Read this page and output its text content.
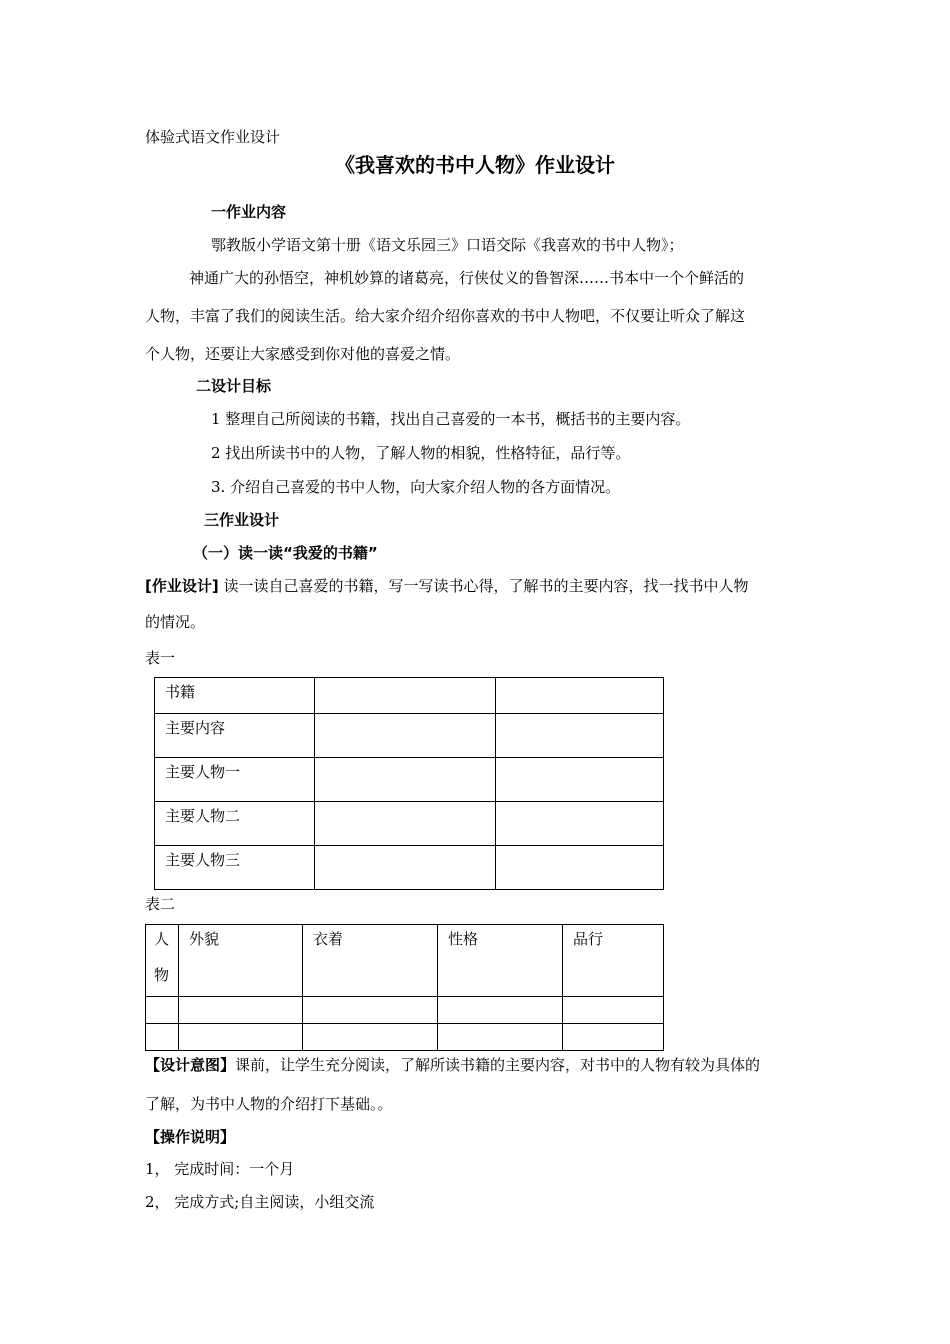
体验式语文作业设计
《我喜欢的书中人物》作业设计
一作业内容
鄂教版小学语文第十册《语文乐园三》口语交际《我喜欢的书中人物》；
神通广大的孙悟空，神机妙算的诸葛亮，行侠仗义的鲁智深……书本中一个个鲜活的
人物，丰富了我们的阅读生活。给大家介绍介绍你喜欢的书中人物吧，不仅要让听众了解这
个人物，还要让大家感受到你对他的喜爱之情。
二设计目标
1 整理自己所阅读的书籍，找出自己喜爱的一本书，概括书的主要内容。
2 找出所读书中的人物，了解人物的相貌，性格特征，品行等。
3. 介绍自己喜爱的书中人物，向大家介绍人物的各方面情况。
三作业设计
（一）读一读“我爱的书籍”
[作业设计] 读一读自己喜爱的书籍，写一写读书心得，了解书的主要内容，找一找书中人物
的情况。
表一
书籍		

主要内容		

主要人物一		

主要人物二		

主要人物三		

表二
人物	外貌	衣着	性格	品行

【设计意图】课前，让学生充分阅读，了解所读书籍的主要内容，对书中的人物有较为具体的
了解，为书中人物的介绍打下基础。。
【操作说明】
1， 完成时间：一个月
2， 完成方式;自主阅读，小组交流
